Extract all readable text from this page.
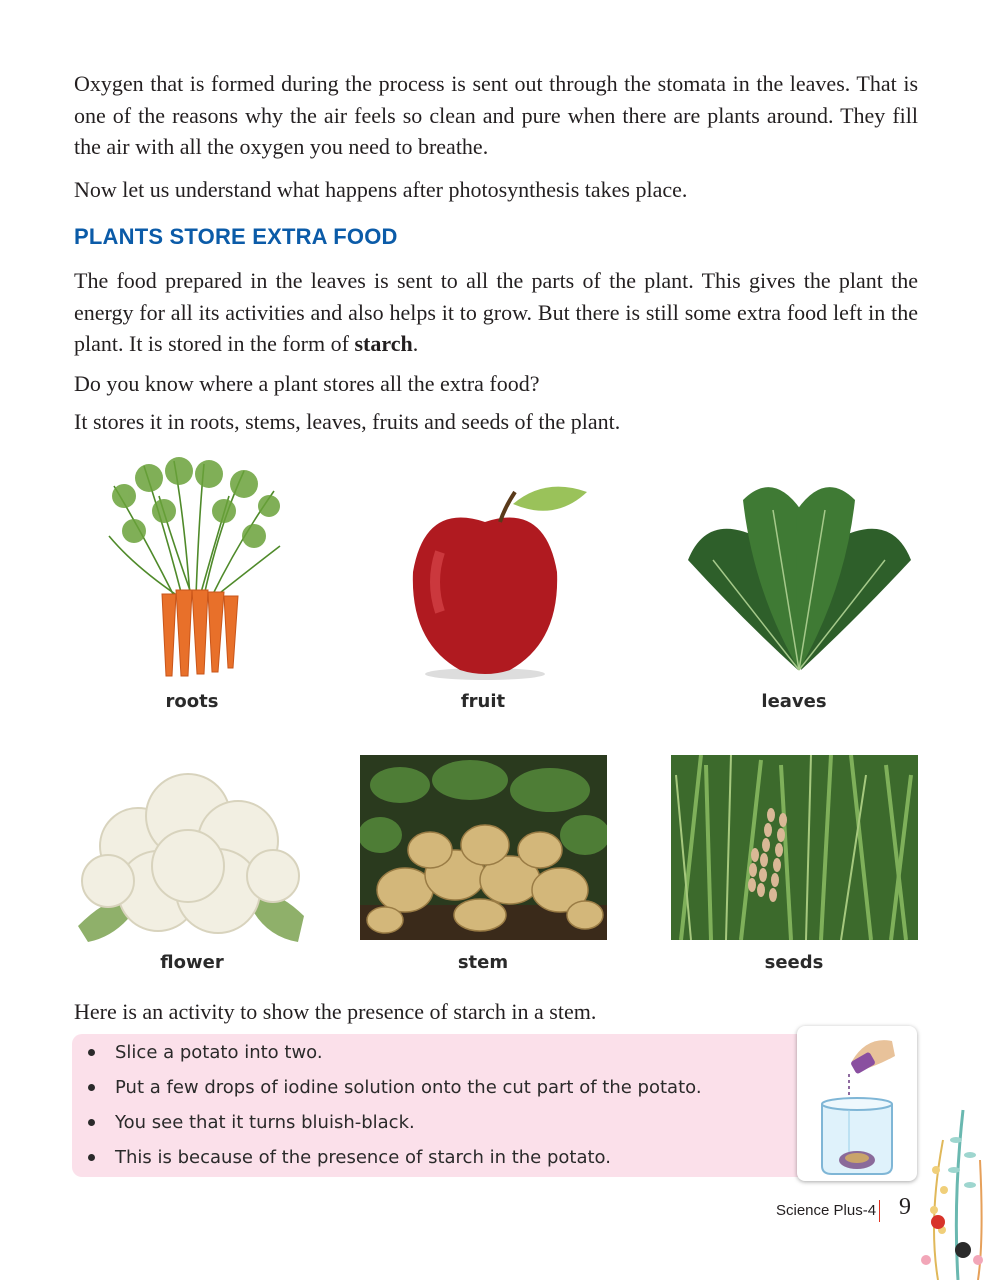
Oxygen that is formed during the process is sent out through the stomata in the leaves. That is one of the reasons why the air feels so clean and pure when there are plants around. They fill the air with all the oxygen you need to breathe.

Now let us understand what happens after photosynthesis takes place.

PLANTS STORE EXTRA FOOD

The food prepared in the leaves is sent to all the parts of the plant. This gives the plant the energy for all its activities and also helps it to grow. But there is still some extra food left in the plant. It is stored in the form of starch.

Do you know where a plant stores all the extra food?

It stores it in roots, stems, leaves, fruits and seeds of the plant.

roots	fruit	leaves
flower	stem	seeds

Here is an activity to show the presence of starch in a stem.

Slice a potato into two.
Put a few drops of iodine solution onto the cut part of the potato.
You see that it turns bluish-black.
This is because of the presence of starch in the potato.
Science Plus-4 9
